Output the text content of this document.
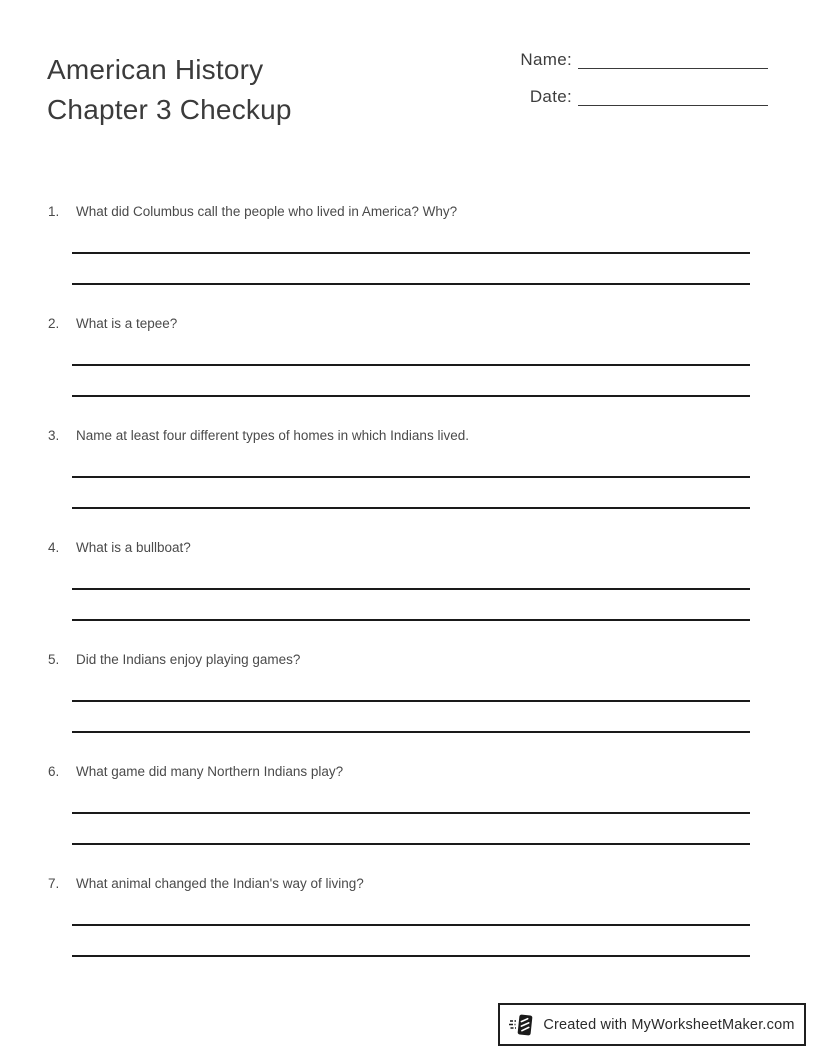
American History
Chapter 3 Checkup
Name:
Date:
1.	What did Columbus call the people who lived in America? Why?
2.	What is a tepee?
3.	Name at least four different types of homes in which Indians lived.
4.	What is a bullboat?
5.	Did the Indians enjoy playing games?
6.	What game did many Northern Indians play?
7.	What animal changed the Indian's way of living?
Created with MyWorksheetMaker.com
